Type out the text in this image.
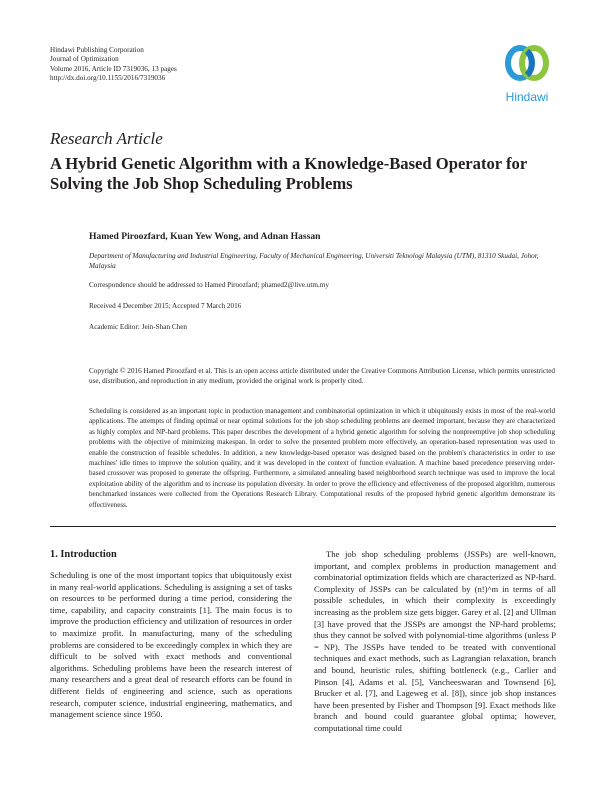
Hindawi Publishing Corporation
Journal of Optimization
Volume 2016, Article ID 7319036, 13 pages
http://dx.doi.org/10.1155/2016/7319036
Hindawi
Research Article
A Hybrid Genetic Algorithm with a Knowledge-Based Operator for Solving the Job Shop Scheduling Problems
Hamed Piroozfard, Kuan Yew Wong, and Adnan Hassan
Department of Manufacturing and Industrial Engineering, Faculty of Mechanical Engineering, Universiti Teknologi Malaysia (UTM), 81310 Skudai, Johor, Malaysia
Correspondence should be addressed to Hamed Piroozfard; phamed2@live.utm.my
Received 4 December 2015; Accepted 7 March 2016
Academic Editor: Jein-Shan Chen
Copyright © 2016 Hamed Piroozfard et al. This is an open access article distributed under the Creative Commons Attribution License, which permits unrestricted use, distribution, and reproduction in any medium, provided the original work is properly cited.
Scheduling is considered as an important topic in production management and combinatorial optimization in which it ubiquitously exists in most of the real-world applications. The attempts of finding optimal or near optimal solutions for the job shop scheduling problems are deemed important, because they are characterized as highly complex and NP-hard problems. This paper describes the development of a hybrid genetic algorithm for solving the nonpreemptive job shop scheduling problems with the objective of minimizing makespan. In order to solve the presented problem more effectively, an operation-based representation was used to enable the construction of feasible schedules. In addition, a new knowledge-based operator was designed based on the problem's characteristics in order to use machines' idle times to improve the solution quality, and it was developed in the context of function evaluation. A machine based precedence preserving order-based crossover was proposed to generate the offspring. Furthermore, a simulated annealing based neighborhood search technique was used to improve the local exploitation ability of the algorithm and to increase its population diversity. In order to prove the efficiency and effectiveness of the proposed algorithm, numerous benchmarked instances were collected from the Operations Research Library. Computational results of the proposed hybrid genetic algorithm demonstrate its effectiveness.
1. Introduction

Scheduling is one of the most important topics that ubiquitously exist in many real-world applications. Scheduling is assigning a set of tasks on resources to be performed during a time period, considering the time, capability, and capacity constraints [1]. The main focus is to improve the production efficiency and utilization of resources in order to maximize profit. In manufacturing, many of the scheduling problems are considered to be exceedingly complex in which they are difficult to be solved with exact methods and conventional algorithms. Scheduling problems have been the research interest of many researchers and a great deal of research efforts can be found in different fields of engineering and science, such as operations research, computer science, industrial engineering, mathematics, and management science since 1950.

The job shop scheduling problems (JSSPs) are well-known, important, and complex problems in production management and combinatorial optimization fields which are characterized as NP-hard. Complexity of JSSPs can be calculated by (n!)^m in terms of all possible schedules, in which their complexity is exceedingly increasing as the problem size gets bigger. Garey et al. [2] and Ullman [3] have proved that the JSSPs are amongst the NP-hard problems; thus they cannot be solved with polynomial-time algorithms (unless P = NP). The JSSPs have tended to be treated with conventional techniques and exact methods, such as Lagrangian relaxation, branch and bound, heuristic rules, shifting bottleneck (e.g., Carlier and Pinson [4], Adams et al. [5], Vancheeswaran and Townsend [6], Brucker et al. [7], and Lageweg et al. [8]), since job shop instances have been presented by Fisher and Thompson [9]. Exact methods like branch and bound could guarantee global optima; however, computational time could
